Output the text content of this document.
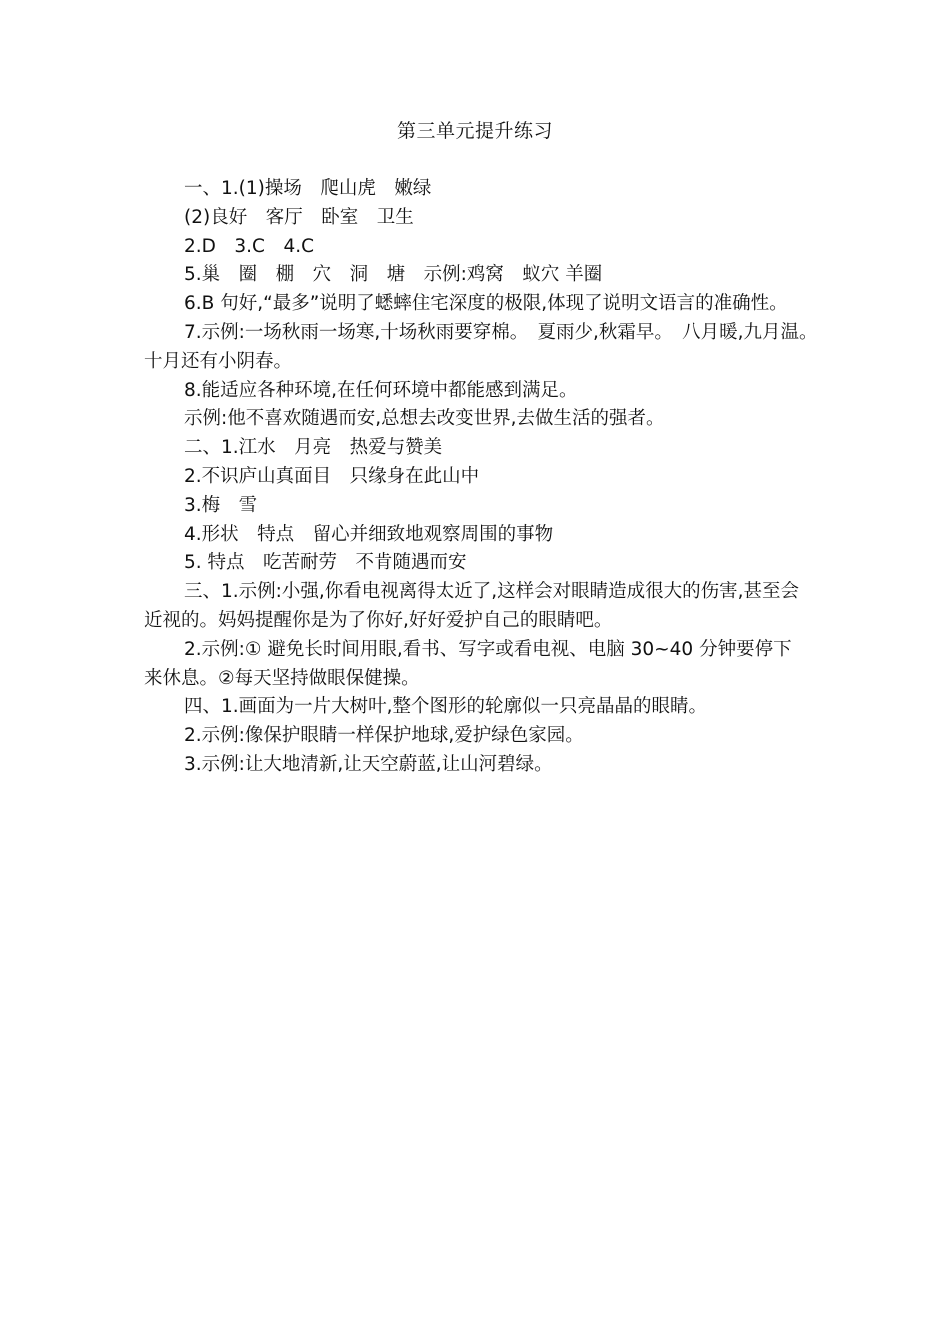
第三单元提升练习

一、1.(1)操场　爬山虎　嫩绿

(2)良好　客厅　卧室　卫生

2.D　3.C　4.C

5.巢　圈　棚　穴　洞　塘　示例:鸡窝　蚁穴 羊圈

6.B 句好,“最多”说明了蟋蟀住宅深度的极限,体现了说明文语言的准确性。

7.示例:一场秋雨一场寒,十场秋雨要穿棉。　夏雨少,秋霜早。　八月暖,九月温。　十月还有小阴春。

8.能适应各种环境,在任何环境中都能感到满足。

示例:他不喜欢随遇而安,总想去改变世界,去做生活的强者。

二、1.江水　月亮　热爱与赞美

2.不识庐山真面目　只缘身在此山中

3.梅　雪

4.形状　特点　留心并细致地观察周围的事物

5. 特点　吃苦耐劳　不肯随遇而安

三、1.示例:小强,你看电视离得太近了,这样会对眼睛造成很大的伤害,甚至会近视的。妈妈提醒你是为了你好,好好爱护自己的眼睛吧。

2.示例:① 避免长时间用眼,看书、写字或看电视、电脑 30~40 分钟要停下来休息。②每天坚持做眼保健操。

四、1.画面为一片大树叶,整个图形的轮廓似一只亮晶晶的眼睛。

2.示例:像保护眼睛一样保护地球,爱护绿色家园。

3.示例:让大地清新,让天空蔚蓝,让山河碧绿。
